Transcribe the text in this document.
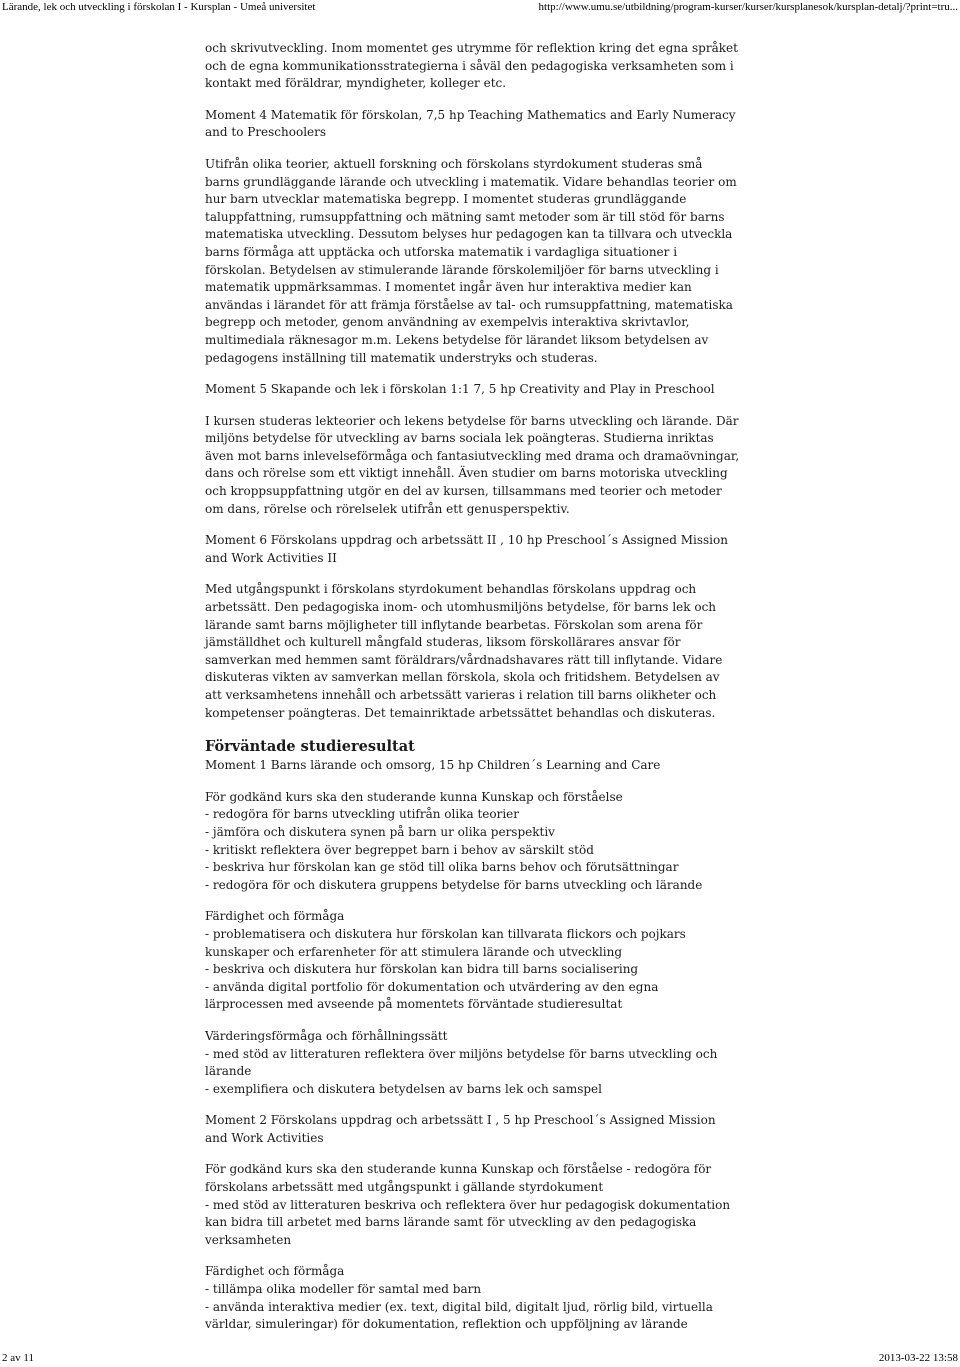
Lärande, lek och utveckling i förskolan I - Kursplan - Umeå universitet	http://www.umu.se/utbildning/program-kurser/kurser/kursplanesok/kursplan-detalj/?print=tru...

och skrivutveckling. Inom momentet ges utrymme för reflektion kring det egna språket och de egna kommunikationsstrategierna i såväl den pedagogiska verksamheten som i kontakt med föräldrar, myndigheter, kolleger etc.

Moment 4 Matematik för förskolan, 7,5 hp Teaching Mathematics and Early Numeracy and to Preschoolers

Utifrån olika teorier, aktuell forskning och förskolans styrdokument studeras små barns grundläggande lärande och utveckling i matematik. Vidare behandlas teorier om hur barn utvecklar matematiska begrepp. I momentet studeras grundläggande taluppfattning, rumsuppfattning och mätning samt metoder som är till stöd för barns matematiska utveckling. Dessutom belyses hur pedagogen kan ta tillvara och utveckla barns förmåga att upptäcka och utforska matematik i vardagliga situationer i förskolan. Betydelsen av stimulerande lärande förskolemiljöer för barns utveckling i matematik uppmärksammas. I momentet ingår även hur interaktiva medier kan användas i lärandet för att främja förståelse av tal- och rumsuppfattning, matematiska begrepp och metoder, genom användning av exempelvis interaktiva skrivtavlor, multimediala räknesagor m.m. Lekens betydelse för lärandet liksom betydelsen av pedagogens inställning till matematik understryks och studeras.

Moment 5 Skapande och lek i förskolan 1:1 7, 5 hp Creativity and Play in Preschool

I kursen studeras lekteorier och lekens betydelse för barns utveckling och lärande. Där miljöns betydelse för utveckling av barns sociala lek poängteras. Studierna inriktas även mot barns inlevelseförmåga och fantasiutveckling med drama och dramaövningar, dans och rörelse som ett viktigt innehåll. Även studier om barns motoriska utveckling och kroppsuppfattning utgör en del av kursen, tillsammans med teorier och metoder om dans, rörelse och rörelselek utifrån ett genusperspektiv.

Moment 6 Förskolans uppdrag och arbetssätt II , 10 hp Preschool´s Assigned Mission and Work Activities II

Med utgångspunkt i förskolans styrdokument behandlas förskolans uppdrag och arbetssätt. Den pedagogiska inom- och utomhusmiljöns betydelse, för barns lek och lärande samt barns möjligheter till inflytande bearbetas. Förskolan som arena för jämställdhet och kulturell mångfald studeras, liksom förskollärares ansvar för samverkan med hemmen samt föräldrars/vårdnadshavares rätt till inflytande. Vidare diskuteras vikten av samverkan mellan förskola, skola och fritidshem. Betydelsen av att verksamhetens innehåll och arbetssätt varieras i relation till barns olikheter och kompetenser poängteras. Det temainriktade arbetssättet behandlas och diskuteras.

Förväntade studieresultat

Moment 1 Barns lärande och omsorg, 15 hp Children´s Learning and Care

För godkänd kurs ska den studerande kunna Kunskap och förståelse
- redogöra för barns utveckling utifrån olika teorier
- jämföra och diskutera synen på barn ur olika perspektiv
- kritiskt reflektera över begreppet barn i behov av särskilt stöd
- beskriva hur förskolan kan ge stöd till olika barns behov och förutsättningar
- redogöra för och diskutera gruppens betydelse för barns utveckling och lärande

Färdighet och förmåga
- problematisera och diskutera hur förskolan kan tillvarata flickors och pojkars kunskaper och erfarenheter för att stimulera lärande och utveckling
- beskriva och diskutera hur förskolan kan bidra till barns socialisering
- använda digital portfolio för dokumentation och utvärdering av den egna lärprocessen med avseende på momentets förväntade studieresultat

Värderingsförmåga och förhållningssätt
- med stöd av litteraturen reflektera över miljöns betydelse för barns utveckling och lärande
- exemplifiera och diskutera betydelsen av barns lek och samspel

Moment 2 Förskolans uppdrag och arbetssätt I , 5 hp Preschool´s Assigned Mission and Work Activities

För godkänd kurs ska den studerande kunna Kunskap och förståelse - redogöra för förskolans arbetssätt med utgångspunkt i gällande styrdokument
- med stöd av litteraturen beskriva och reflektera över hur pedagogisk dokumentation kan bidra till arbetet med barns lärande samt för utveckling av den pedagogiska verksamheten

Färdighet och förmåga
- tillämpa olika modeller för samtal med barn
- använda interaktiva medier (ex. text, digital bild, digitalt ljud, rörlig bild, virtuella världar, simuleringar) för dokumentation, reflektion och uppföljning av lärande

2 av 11	2013-03-22 13:58
